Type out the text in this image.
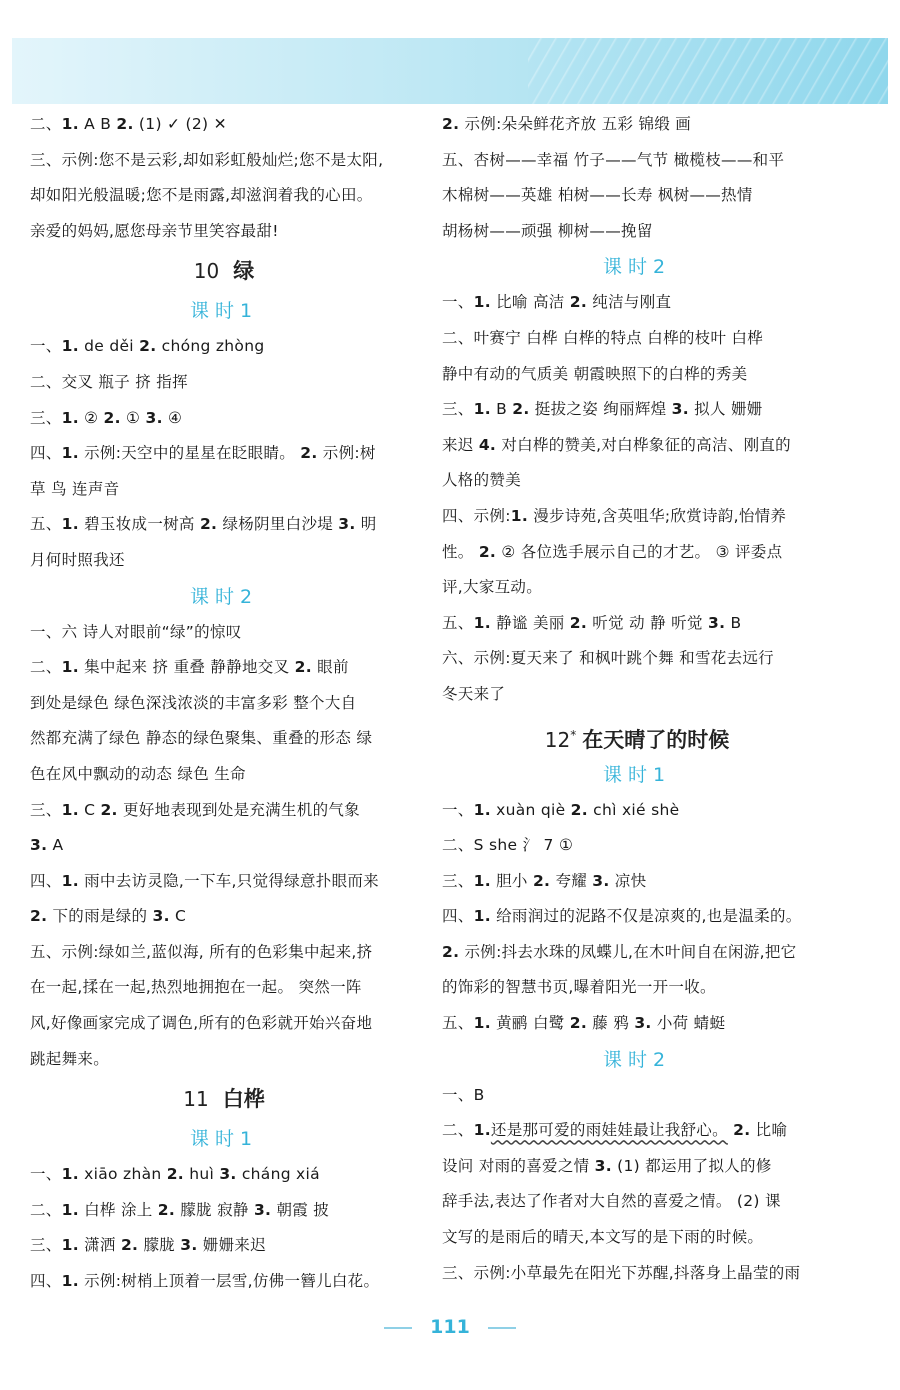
二、1. A B 2. (1) ✓ (2) ✕
三、示例:您不是云彩,却如彩虹般灿烂;您不是太阳,
却如阳光般温暖;您不是雨露,却滋润着我的心田。
亲爱的妈妈,愿您母亲节里笑容最甜!
10 绿
课时1
一、1. de děi 2. chóng zhòng
二、交叉 瓶子 挤 指挥
三、1. ② 2. ① 3. ④
四、1. 示例:天空中的星星在眨眼睛。 2. 示例:树
草 鸟 连声音
五、1. 碧玉妆成一树高 2. 绿杨阴里白沙堤 3. 明
月何时照我还
课时2
一、六 诗人对眼前“绿”的惊叹
二、1. 集中起来 挤 重叠 静静地交叉 2. 眼前
到处是绿色 绿色深浅浓淡的丰富多彩 整个大自
然都充满了绿色 静态的绿色聚集、重叠的形态 绿
色在风中飘动的动态 绿色 生命
三、1. C 2. 更好地表现到处是充满生机的气象
3. A
四、1. 雨中去访灵隐,一下车,只觉得绿意扑眼而来
2. 下的雨是绿的 3. C
五、示例:绿如兰,蓝似海, 所有的色彩集中起来,挤
在一起,揉在一起,热烈地拥抱在一起。 突然一阵
风,好像画家完成了调色,所有的色彩就开始兴奋地
跳起舞来。
11 白桦
课时1
一、1. xiāo zhàn 2. huì 3. cháng xiá
二、1. 白桦 涂上 2. 朦胧 寂静 3. 朝霞 披
三、1. 潇洒 2. 朦胧 3. 姗姗来迟
四、1. 示例:树梢上顶着一层雪,仿佛一簪儿白花。
2. 示例:朵朵鲜花齐放 五彩 锦缎 画
五、杏树——幸福 竹子——气节 橄榄枝——和平
木棉树——英雄 柏树——长寿 枫树——热情
胡杨树——顽强 柳树——挽留
课时2
一、1. 比喻 高洁 2. 纯洁与刚直
二、叶赛宁 白桦 白桦的特点 白桦的枝叶 白桦
静中有动的气质美 朝霞映照下的白桦的秀美
三、1. B 2. 挺拔之姿 绚丽辉煌 3. 拟人 姗姗
来迟 4. 对白桦的赞美,对白桦象征的高洁、刚直的
人格的赞美
四、示例:1. 漫步诗苑,含英咀华;欣赏诗韵,怡情养
性。 2. ② 各位选手展示自己的才艺。 ③ 评委点
评,大家互动。
五、1. 静谧 美丽 2. 听觉 动 静 听觉 3. B
六、示例:夏天来了 和枫叶跳个舞 和雪花去远行
冬天来了
12* 在天晴了的时候
课时1
一、1. xuàn qiè 2. chì xié shè
二、S she 氵 7 ①
三、1. 胆小 2. 夸耀 3. 凉快
四、1. 给雨润过的泥路不仅是凉爽的,也是温柔的。
2. 示例:抖去水珠的凤蝶儿,在木叶间自在闲游,把它
的饰彩的智慧书页,曝着阳光一开一收。
五、1. 黄鹂 白鹭 2. 藤 鸦 3. 小荷 蜻蜓
课时2
一、B
二、1.还是那可爱的雨娃娃最让我舒心。 2. 比喻
设问 对雨的喜爱之情 3. (1) 都运用了拟人的修
辞手法,表达了作者对大自然的喜爱之情。 (2) 课
文写的是雨后的晴天,本文写的是下雨的时候。
三、示例:小草最先在阳光下苏醒,抖落身上晶莹的雨
111
